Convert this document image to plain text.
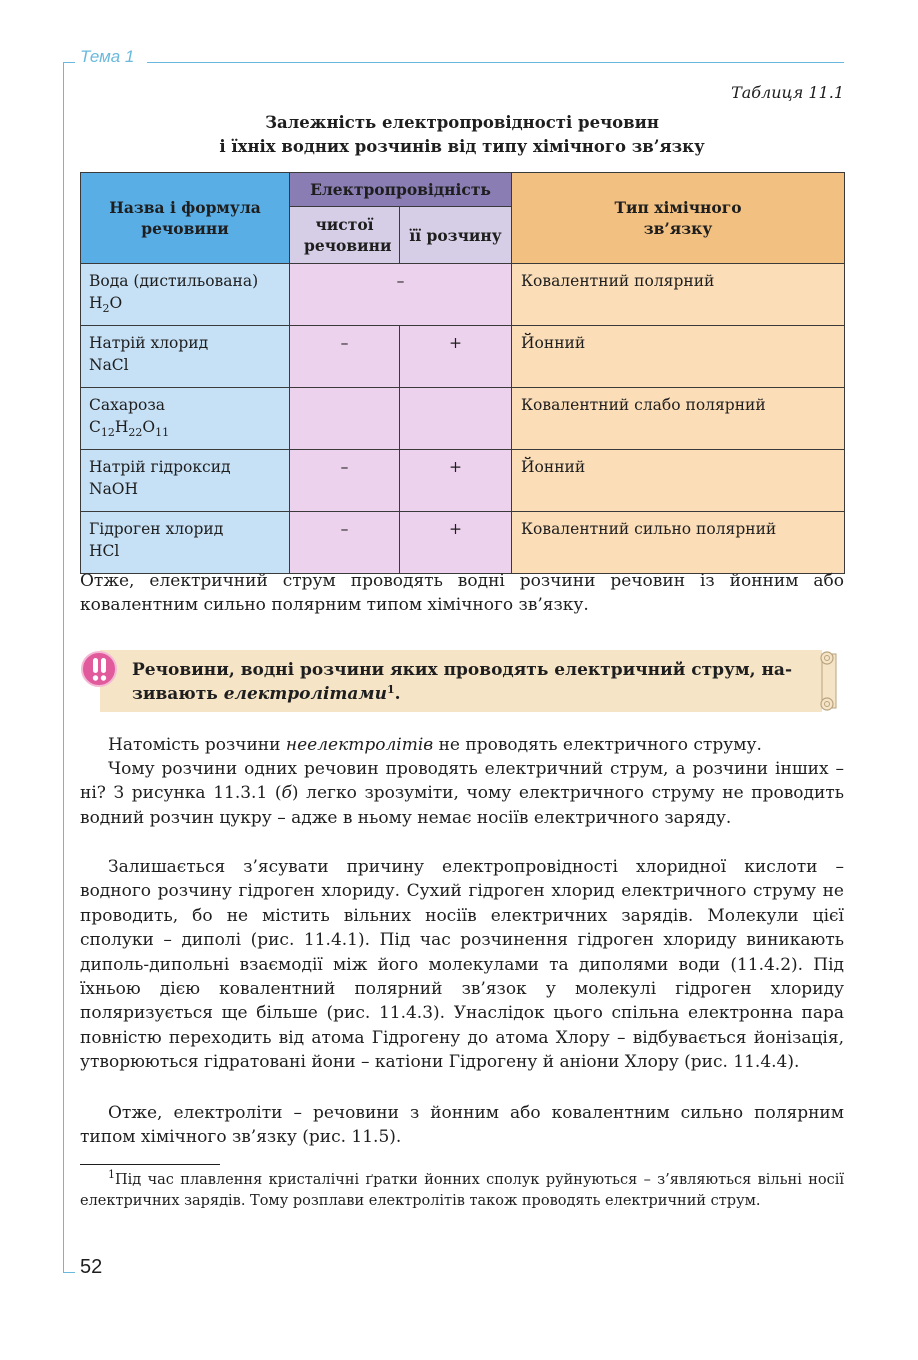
Тема 1
Таблиця 11.1
Залежність електропровідності речовин
і їхніх водних розчинів від типу хімічного зв’язку
Назва і формула речовини	Електропровідність		Тип хімічного зв’язку

	чистої речовини	її розчину	

Вода (дистильована)
$H_2O$	–		Ковалентний полярний

Натрій хлорид
NaCl	–	+	Йонний

Сахароза
$C_{12}H_{22}O_{11}$			Ковалентний слабо полярний

Натрій гідроксид
NaOH	–	+	Йонний

Гідроген хлорид
HCl	–	+	Ковалентний сильно полярний

Отже, електричний струм проводять водні розчини речовин із йонним або ковалентним сильно полярним типом хімічного зв’язку.

Речовини, водні розчини яких проводять електричний струм, називають електролітами$^1$.

Натомість розчини неелектролітів не проводять електричного струму.

Чому розчини одних речовин проводять електричний струм, а розчини інших – ні? З рисунка 11.3.1 (б) легко зрозуміти, чому електричного струму не проводить водний розчин цукру – адже в ньому немає носіїв електричного заряду.

Залишається з’ясувати причину електропровідності хлоридної кислоти – водного розчину гідроген хлориду. Сухий гідроген хлорид електричного струму не проводить, бо не містить вільних носіїв електричних зарядів. Молекули цієї сполуки – диполі (рис. 11.4.1). Під час розчинення гідроген хлориду виникають диполь-дипольні взаємодії між його молекулами та диполями води (11.4.2). Під їхньою дією ковалентний полярний зв’язок у молекулі гідроген хлориду поляризується ще більше (рис. 11.4.3). Унаслідок цього спільна електронна пара повністю переходить від атома Гідрогену до атома Хлору – відбувається йонізація, утворюються гідратовані йони – катіони Гідрогену й аніони Хлору (рис. 11.4.4).

Отже, електроліти – речовини з йонним або ковалентним сильно полярним типом хімічного зв’язку (рис. 11.5).

$^1$Під час плавлення кристалічні ґратки йонних сполук руйнуються – з’являються вільні носії електричних зарядів. Тому розплави електролітів також проводять електричний струм.

52
